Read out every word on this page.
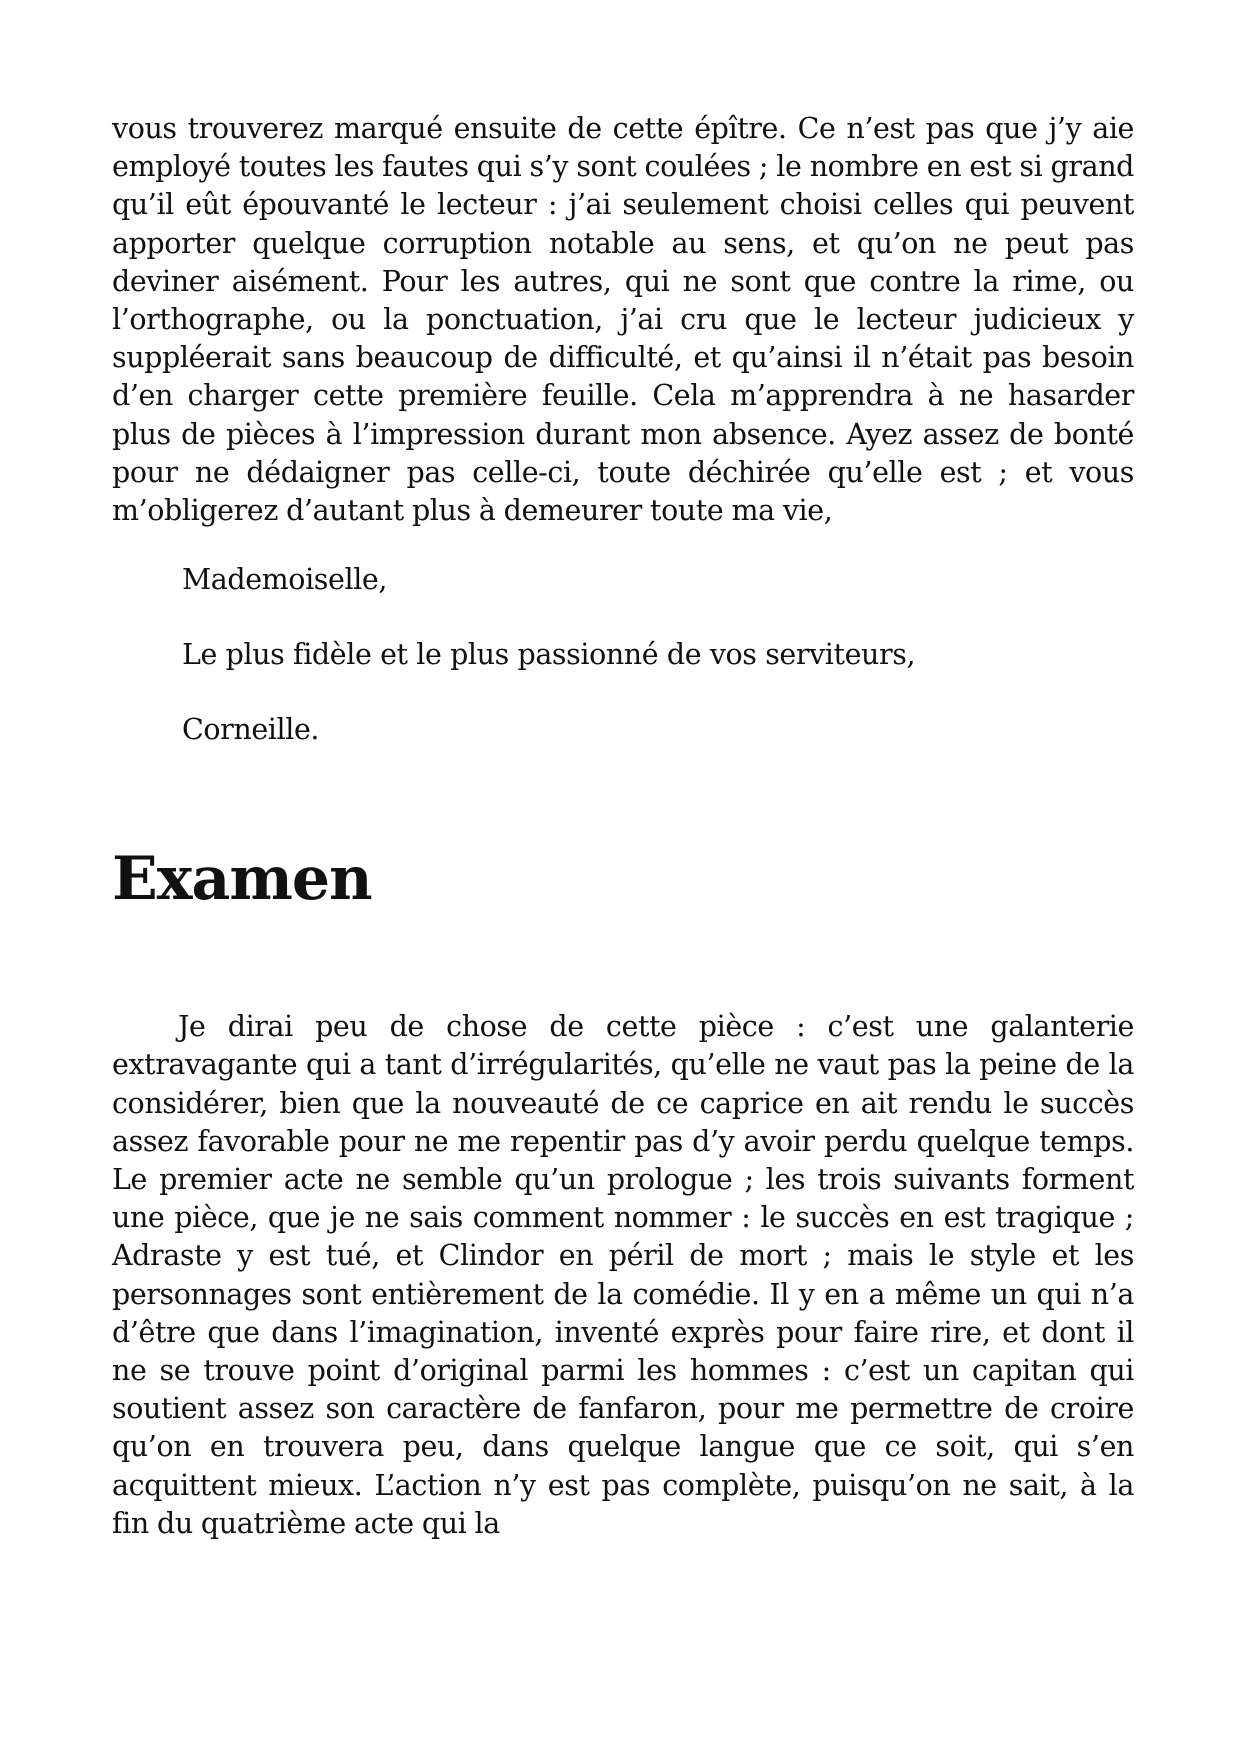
vous trouverez marqué ensuite de cette épître. Ce n’est pas que j’y aie employé toutes les fautes qui s’y sont coulées ; le nombre en est si grand qu’il eût épouvanté le lecteur : j’ai seulement choisi celles qui peuvent apporter quelque corruption notable au sens, et qu’on ne peut pas deviner aisément. Pour les autres, qui ne sont que contre la rime, ou l’orthographe, ou la ponctuation, j’ai cru que le lecteur judicieux y suppléerait sans beaucoup de difficulté, et qu’ainsi il n’était pas besoin d’en charger cette première feuille. Cela m’apprendra à ne hasarder plus de pièces à l’impression durant mon absence. Ayez assez de bonté pour ne dédaigner pas celle-ci, toute déchirée qu’elle est ; et vous m’obligerez d’autant plus à demeurer toute ma vie,

Mademoiselle,

Le plus fidèle et le plus passionné de vos serviteurs,

Corneille.

Examen

Je dirai peu de chose de cette pièce : c’est une galanterie extravagante qui a tant d’irrégularités, qu’elle ne vaut pas la peine de la considérer, bien que la nouveauté de ce caprice en ait rendu le succès assez favorable pour ne me repentir pas d’y avoir perdu quelque temps. Le premier acte ne semble qu’un prologue ; les trois suivants forment une pièce, que je ne sais comment nommer : le succès en est tragique ; Adraste y est tué, et Clindor en péril de mort ; mais le style et les personnages sont entièrement de la comédie. Il y en a même un qui n’a d’être que dans l’imagination, inventé exprès pour faire rire, et dont il ne se trouve point d’original parmi les hommes : c’est un capitan qui soutient assez son caractère de fanfaron, pour me permettre de croire qu’on en trouvera peu, dans quelque langue que ce soit, qui s’en acquittent mieux. L’action n’y est pas complète, puisqu’on ne sait, à la fin du quatrième acte qui la
